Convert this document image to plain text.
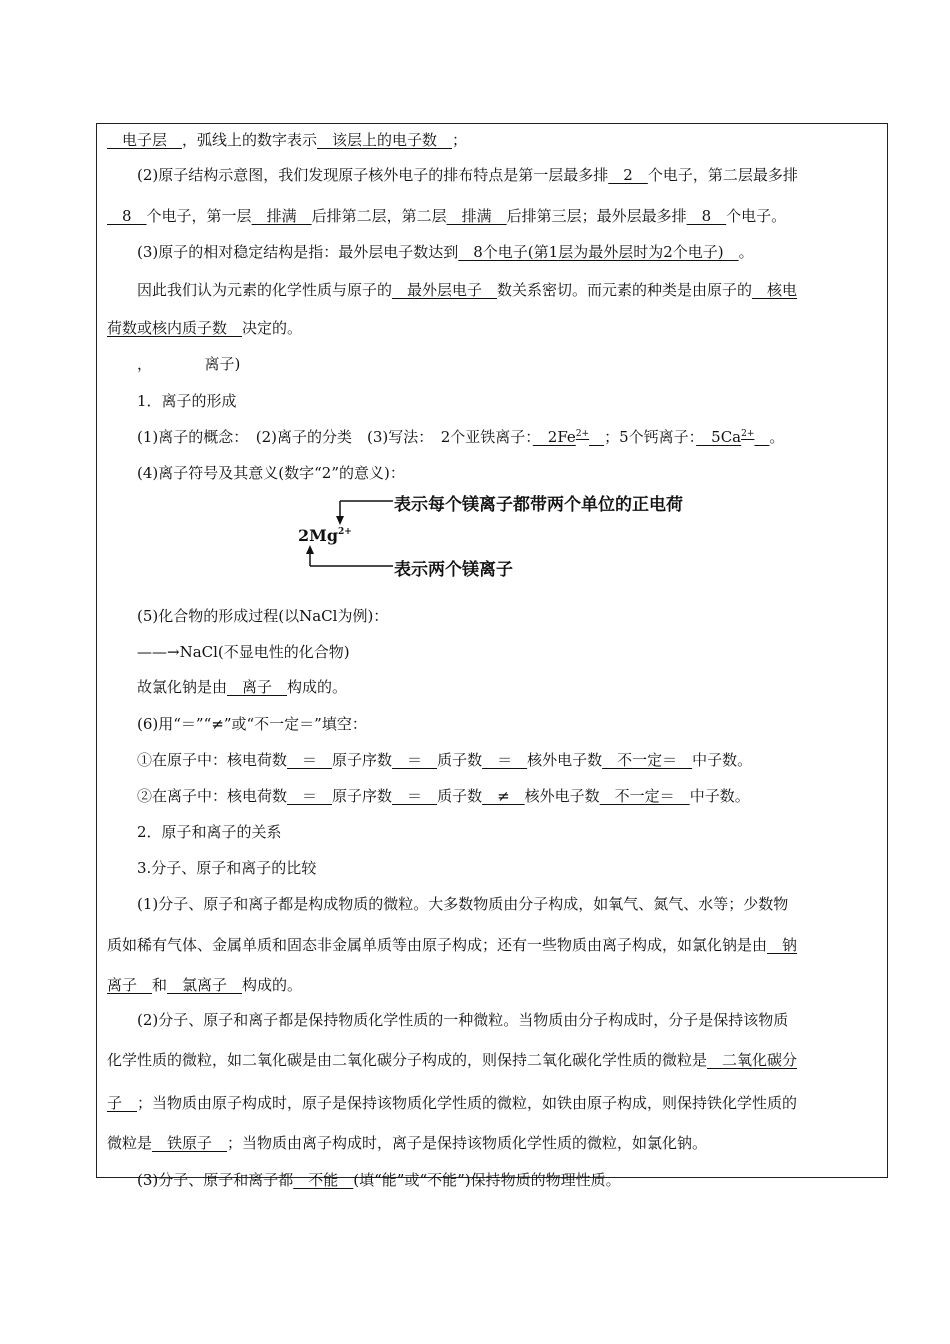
　电子层　，弧线上的数字表示　该层上的电子数　；
(2)原子结构示意图，我们发现原子核外电子的排布特点是第一层最多排　2　个电子，第二层最多排
　8　个电子，第一层　排满　后排第二层，第二层　排满　后排第三层；最外层最多排　8　个电子。
(3)原子的相对稳定结构是指：最外层电子数达到　8个电子(第1层为最外层时为2个电子)　。
因此我们认为元素的化学性质与原子的　最外层电子　数关系密切。而元素的种类是由原子的　核电
荷数或核内质子数　决定的。
，　　　　离子)
1．离子的形成
(1)离子的概念：　(2)离子的分类　(3)写法：　2个亚铁离子：　$2Fe^{2+}$　 ；5个钙离子：　$5Ca^{2+}$　 。
(4)离子符号及其意义(数字“2”的意义)：
$2Mg^{2+}$
表示每个镁离子都带两个单位的正电荷
表示两个镁离子
(5)化合物的形成过程(以NaCl为例)：
——→NaCl(不显电性的化合物)
故氯化钠是由　离子　构成的。
(6)用“＝”“≠”或“不一定＝”填空：
①在原子中：核电荷数　＝　原子序数　＝　质子数　＝　核外电子数　不一定＝　中子数。
②在离子中：核电荷数　＝　原子序数　＝　质子数　≠　核外电子数　不一定＝　中子数。
2．原子和离子的关系
3.分子、原子和离子的比较
(1)分子、原子和离子都是构成物质的微粒。大多数物质由分子构成，如氧气、氮气、水等；少数物
质如稀有气体、金属单质和固态非金属单质等由原子构成；还有一些物质由离子构成，如氯化钠是由　钠
离子　和　氯离子　构成的。
(2)分子、原子和离子都是保持物质化学性质的一种微粒。当物质由分子构成时，分子是保持该物质
化学性质的微粒，如二氧化碳是由二氧化碳分子构成的，则保持二氧化碳化学性质的微粒是　二氧化碳分
子　；当物质由原子构成时，原子是保持该物质化学性质的微粒，如铁由原子构成，则保持铁化学性质的
微粒是　铁原子　；当物质由离子构成时，离子是保持该物质化学性质的微粒，如氯化钠。
(3)分子、原子和离子都　不能　(填“能”或“不能”)保持物质的物理性质。
